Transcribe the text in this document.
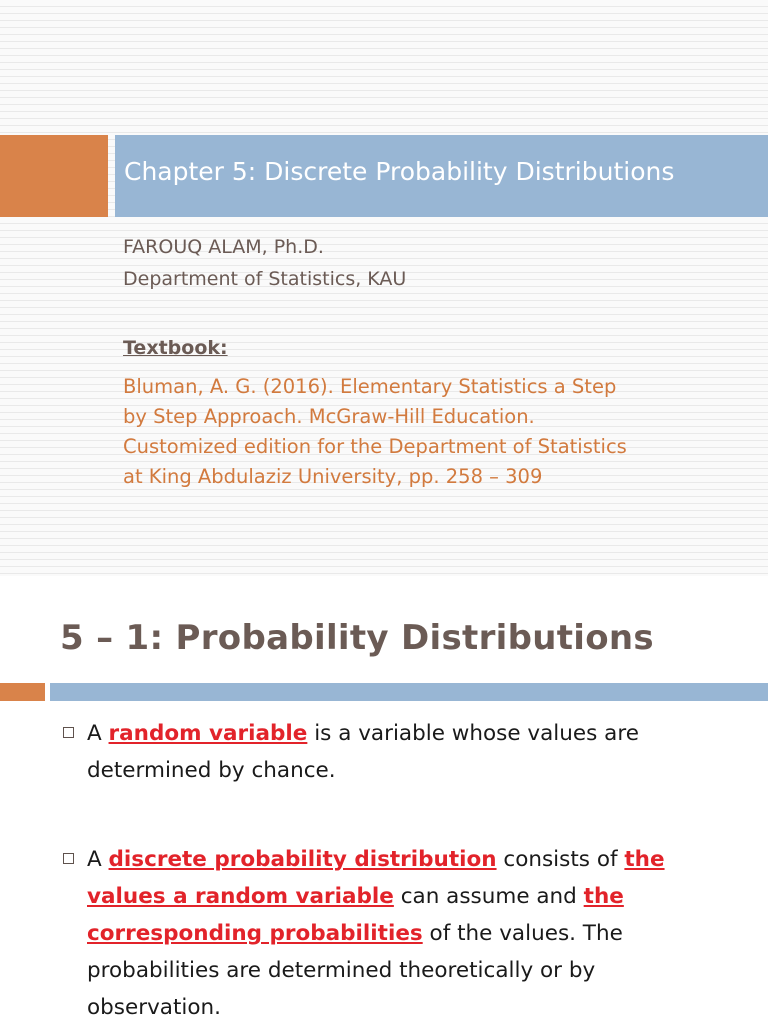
Chapter 5: Discrete Probability Distributions
FAROUQ ALAM, Ph.D.
Department of Statistics, KAU
Textbook:
Bluman, A. G. (2016). Elementary Statistics a Step
by Step Approach. McGraw-Hill Education.
Customized edition for the Department of Statistics
at King Abdulaziz University, pp. 258 – 309
5 – 1: Probability Distributions
A random variable is a variable whose values are
determined by chance.
A discrete probability distribution consists of the
values a random variable can assume and the
corresponding probabilities of the values. The
probabilities are determined theoretically or by
observation.
